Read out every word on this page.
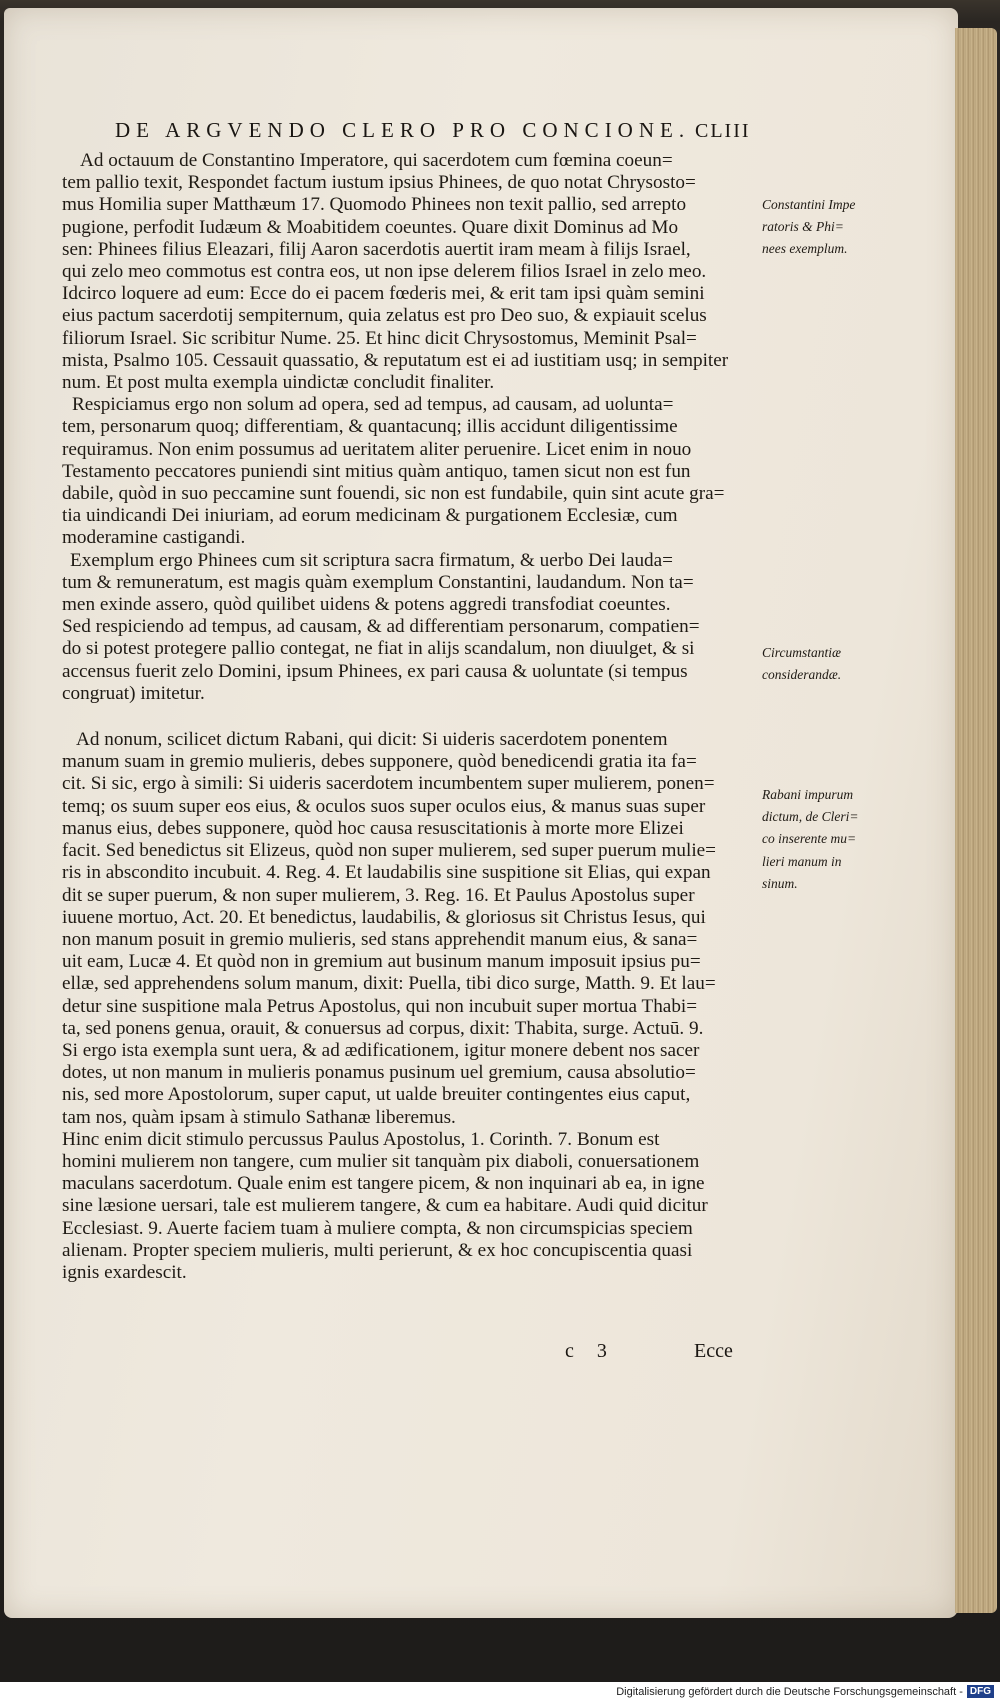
DE ARGVENDO CLERO PRO CONCIONE. CLIII
Ad octauum de Constantino Imperatore, qui sacerdotem cum fœmina coeun=
tem pallio texit, Respondet factum iustum ipsius Phinees, de quo notat Chrysosto=
mus Homilia super Matthæum 17. Quomodo Phinees non texit pallio, sed arrepto
pugione, perfodit Iudæum & Moabitidem coeuntes. Quare dixit Dominus ad Mo
sen: Phinees filius Eleazari, filij Aaron sacerdotis auertit iram meam à filijs Israel,
qui zelo meo commotus est contra eos, ut non ipse delerem filios Israel in zelo meo.
Idcirco loquere ad eum: Ecce do ei pacem fœderis mei, & erit tam ipsi quàm semini
eius pactum sacerdotij sempiternum, quia zelatus est pro Deo suo, & expiauit scelus
filiorum Israel. Sic scribitur Nume. 25. Et hinc dicit Chrysostomus, Meminit Psal=
mista, Psalmo 105. Cessauit quassatio, & reputatum est ei ad iustitiam usq; in sempiter
num. Et post multa exempla uindictæ concludit finaliter.
Respiciamus ergo non solum ad opera, sed ad tempus, ad causam, ad uolunta=
tem, personarum quoq; differentiam, & quantacunq; illis accidunt diligentissime
requiramus. Non enim possumus ad ueritatem aliter peruenire. Licet enim in nouo
Testamento peccatores puniendi sint mitius quàm antiquo, tamen sicut non est fun
dabile, quòd in suo peccamine sunt fouendi, sic non est fundabile, quin sint acute gra=
tia uindicandi Dei iniuriam, ad eorum medicinam & purgationem Ecclesiæ, cum
moderamine castigandi.
Exemplum ergo Phinees cum sit scriptura sacra firmatum, & uerbo Dei lauda=
tum & remuneratum, est magis quàm exemplum Constantini, laudandum. Non ta=
men exinde assero, quòd quilibet uidens & potens aggredi transfodiat coeuntes.
Sed respiciendo ad tempus, ad causam, & ad differentiam personarum, compatien=
do si potest protegere pallio contegat, ne fiat in alijs scandalum, non diuulget, & si
accensus fuerit zelo Domini, ipsum Phinees, ex pari causa & uoluntate (si tempus
congruat) imitetur.
Ad nonum, scilicet dictum Rabani, qui dicit: Si uideris sacerdotem ponentem
manum suam in gremio mulieris, debes supponere, quòd benedicendi gratia ita fa=
cit. Si sic, ergo à simili: Si uideris sacerdotem incumbentem super mulierem, ponen=
temq; os suum super eos eius, & oculos suos super oculos eius, & manus suas super
manus eius, debes supponere, quòd hoc causa resuscitationis à morte more Elizei
facit. Sed benedictus sit Elizeus, quòd non super mulierem, sed super puerum mulie=
ris in abscondito incubuit. 4. Reg. 4. Et laudabilis sine suspitione sit Elias, qui expan
dit se super puerum, & non super mulierem, 3. Reg. 16. Et Paulus Apostolus super
iuuene mortuo, Act. 20. Et benedictus, laudabilis, & gloriosus sit Christus Iesus, qui
non manum posuit in gremio mulieris, sed stans apprehendit manum eius, & sana=
uit eam, Lucæ 4. Et quòd non in gremium aut businum manum imposuit ipsius pu=
ellæ, sed apprehendens solum manum, dixit: Puella, tibi dico surge, Matth. 9. Et lau=
detur sine suspitione mala Petrus Apostolus, qui non incubuit super mortua Thabi=
ta, sed ponens genua, orauit, & conuersus ad corpus, dixit: Thabita, surge. Actuū. 9.
Si ergo ista exempla sunt uera, & ad ædificationem, igitur monere debent nos sacer
dotes, ut non manum in mulieris ponamus pusinum uel gremium, causa absolutio=
nis, sed more Apostolorum, super caput, ut ualde breuiter contingentes eius caput,
tam nos, quàm ipsam à stimulo Sathanæ liberemus.
Hinc enim dicit stimulo percussus Paulus Apostolus, 1. Corinth. 7. Bonum est
homini mulierem non tangere, cum mulier sit tanquàm pix diaboli, conuersationem
maculans sacerdotum. Quale enim est tangere picem, & non inquinari ab ea, in igne
sine læsione uersari, tale est mulierem tangere, & cum ea habitare. Audi quid dicitur
Ecclesiast. 9. Auerte faciem tuam à muliere compta, & non circumspicias speciem
alienam. Propter speciem mulieris, multi perierunt, & ex hoc concupiscentia quasi
ignis exardescit.
Constantini Impe
ratoris & Phi=
nees exemplum.
Circumstantiæ
considerandæ.
Rabani impurum
dictum, de Cleri=
co inserente mu=
lieri manum in
sinum.
c 3	Ecce
Digitalisierung gefördert durch die Deutsche Forschungsgemeinschaft - DFG
